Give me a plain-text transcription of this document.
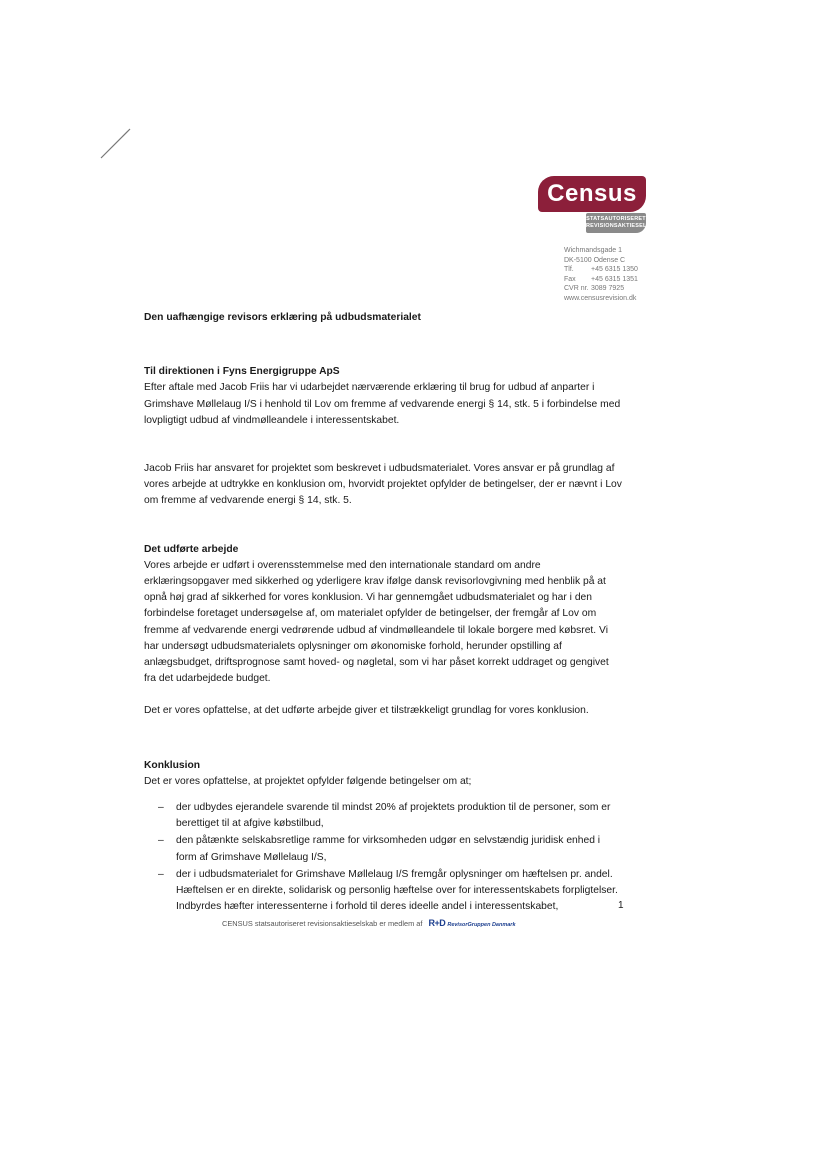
Census
STATSAUTORISERET
REVISIONSAKTIESELSKAB
Wichmandsgade 1
DK-5100 Odense C
Tlf. +45 6315 1350
Fax +45 6315 1351
CVR nr. 3089 7925
www.censusrevision.dk

Den uafhængige revisors erklæring på udbudsmaterialet

Til direktionen i Fyns Energigruppe ApS

Efter aftale med Jacob Friis har vi udarbejdet nærværende erklæring til brug for udbud af anparter i Grimshave Møllelaug I/S i henhold til Lov om fremme af vedvarende energi § 14, stk. 5 i forbindelse med lovpligtigt udbud af vindmølleandele i interessentskabet.

Jacob Friis har ansvaret for projektet som beskrevet i udbudsmaterialet. Vores ansvar er på grundlag af vores arbejde at udtrykke en konklusion om, hvorvidt projektet opfylder de betingelser, der er nævnt i Lov om fremme af vedvarende energi § 14, stk. 5.

Det udførte arbejde

Vores arbejde er udført i overensstemmelse med den internationale standard om andre erklæringsopgaver med sikkerhed og yderligere krav ifølge dansk revisorlovgivning med henblik på at opnå høj grad af sikkerhed for vores konklusion. Vi har gennemgået udbudsmaterialet og har i den forbindelse foretaget undersøgelse af, om materialet opfylder de betingelser, der fremgår af Lov om fremme af vedvarende energi vedrørende udbud af vindmølleandele til lokale borgere med købsret. Vi har undersøgt udbudsmaterialets oplysninger om økonomiske forhold, herunder opstilling af anlægsbudget, driftsprognose samt hoved- og nøgletal, som vi har påset korrekt uddraget og gengivet fra det udarbejdede budget.

Det er vores opfattelse, at det udførte arbejde giver et tilstrækkeligt grundlag for vores konklusion.

Konklusion

Det er vores opfattelse, at projektet opfylder følgende betingelser om at;

– der udbydes ejerandele svarende til mindst 20% af projektets produktion til de personer, som er berettiget til at afgive købstilbud,
– den påtænkte selskabsretlige ramme for virksomheden udgør en selvstændig juridisk enhed i form af Grimshave Møllelaug I/S,
– der i udbudsmaterialet for Grimshave Møllelaug I/S fremgår oplysninger om hæftelsen pr. andel. Hæftelsen er en direkte, solidarisk og personlig hæftelse over for interessentskabets forpligtelser. Indbyrdes hæfter interessenterne i forhold til deres ideelle andel i interessentskabet,	1
CENSUS statsautoriseret revisionsaktieselskab er medlem af R+D RevisorGruppen Danmark
